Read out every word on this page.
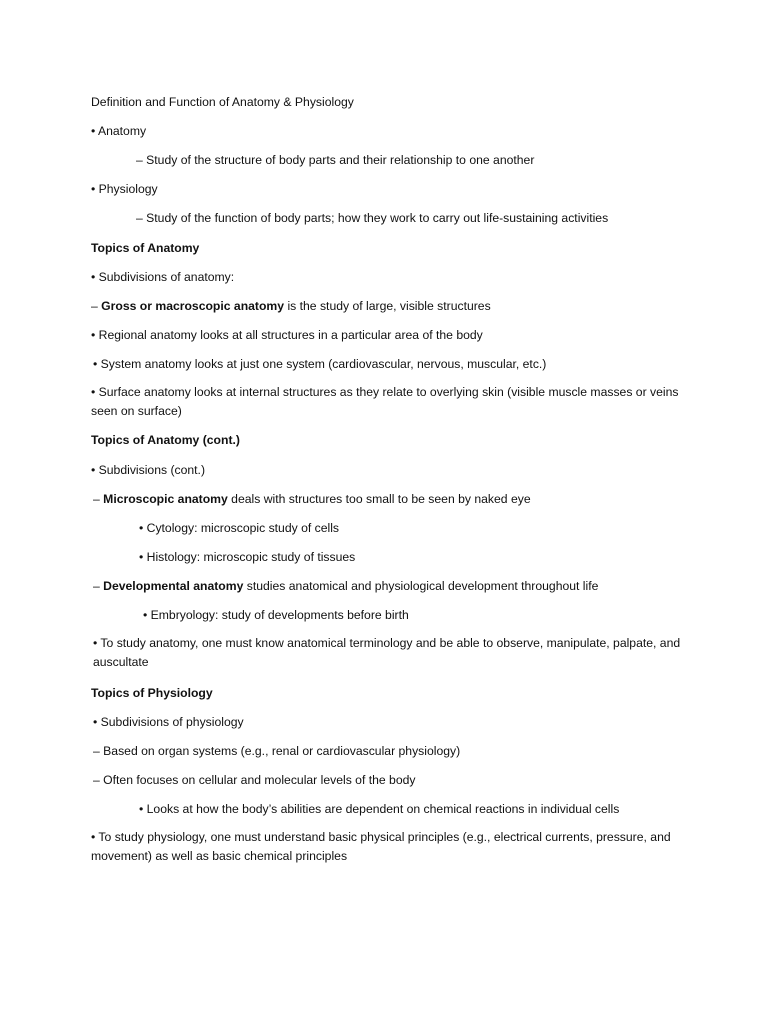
Definition and Function of Anatomy & Physiology
• Anatomy
– Study of the structure of body parts and their relationship to one another
• Physiology
– Study of the function of body parts; how they work to carry out life-sustaining activities
Topics of Anatomy
• Subdivisions of anatomy:
– Gross or macroscopic anatomy is the study of large, visible structures
• Regional anatomy looks at all structures in a particular area of the body
• System anatomy looks at just one system (cardiovascular, nervous, muscular, etc.)
• Surface anatomy looks at internal structures as they relate to overlying skin (visible muscle masses or veins seen on surface)
Topics of Anatomy (cont.)
• Subdivisions (cont.)
– Microscopic anatomy deals with structures too small to be seen by naked eye
• Cytology: microscopic study of cells
• Histology: microscopic study of tissues
– Developmental anatomy studies anatomical and physiological development throughout life
• Embryology: study of developments before birth
• To study anatomy, one must know anatomical terminology and be able to observe, manipulate, palpate, and auscultate
Topics of Physiology
• Subdivisions of physiology
– Based on organ systems (e.g., renal or cardiovascular physiology)
– Often focuses on cellular and molecular levels of the body
• Looks at how the body’s abilities are dependent on chemical reactions in individual cells
• To study physiology, one must understand basic physical principles (e.g., electrical currents, pressure, and movement) as well as basic chemical principles
